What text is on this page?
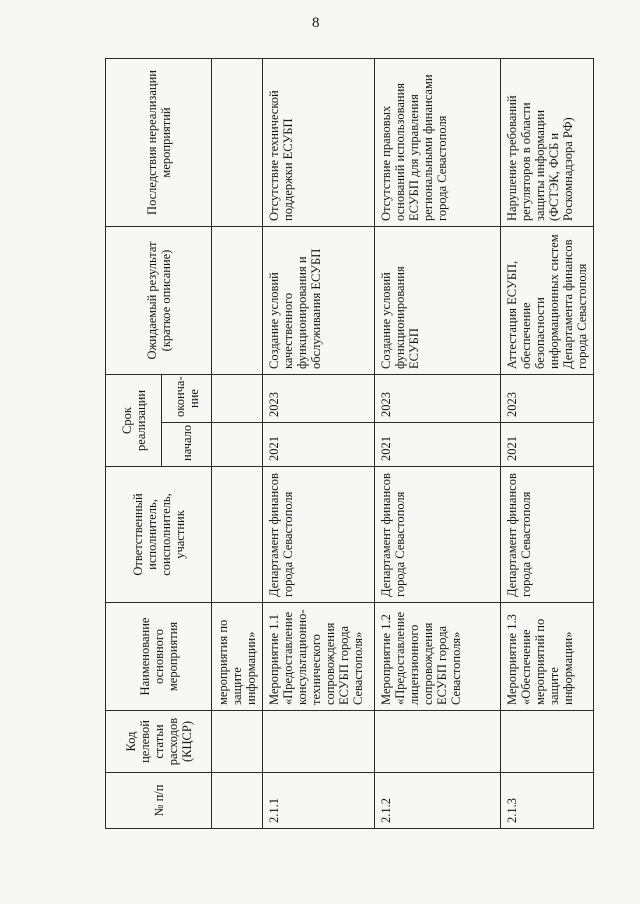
8
№ п/п	Код целевой статьи расходов (КЦСР)	Наименование основного мероприятия	Ответственный исполнитель, соисполнитель, участник	Срок реализации		Ожидаемый результат (краткое описание)	Последствия нереализации мероприятий
				начало	оконча-ние		
		мероприятия по защите информации»					
2.1.1		Мероприятие 1.1 «Предоставление консультационно-технического сопровождения ЕСУБП города Севастополя»	Департамент финансов города Севастополя	2021	2023	Создание условий качественного функционирования и обслуживания ЕСУБП	Отсутствие технической поддержки ЕСУБП
2.1.2		Мероприятие 1.2 «Предоставление лицензионного сопровождения ЕСУБП города Севастополя»	Департамент финансов города Севастополя	2021	2023	Создание условий функционирования ЕСУБП	Отсутствие правовых оснований использования ЕСУБП для управления региональными финансами города Севастополя
2.1.3		Мероприятие 1.3 «Обеспечение мероприятий по защите информации»	Департамент финансов города Севастополя	2021	2023	Аттестация ЕСУБП, обеспечение безопасности информационных систем Департамента финансов города Севастополя	Нарушение требований регуляторов в области защиты информации (ФСТЭК, ФСБ и Роскомнадзора РФ)
